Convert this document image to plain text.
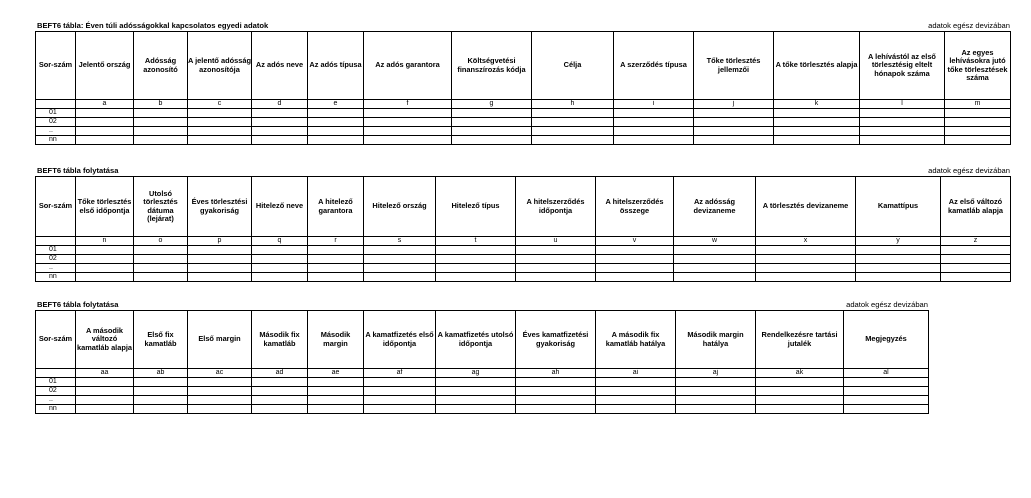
BEFT6 tábla: Éven túli adósságokkal kapcsolatos egyedi adatok	adatok egész devizában
Sor-szám	Jelentő ország	Adósság azonosító	A jelentő adósság azonosítója	Az adós neve	Az adós típusa	Az adós garantora	Költségvetési finanszírozás kódja	Célja	A szerződés típusa	Tőke törlesztés jellemzői	A tőke törlesztés alapja	A lehívástól az első törlesztésig eltelt hónapok száma	Az egyes lehívásokra jutó tőke törlesztések száma
	a	b	c	d	e	f	g	h	i	j	k	l	m
01													
02													
..													
nn													
BEFT6 tábla folytatása	adatok egész devizában
Sor-szám	Tőke törlesztés első időpontja	Utolsó törlesztés dátuma (lejárat)	Éves törlesztési gyakoriság	Hitelező neve	A hitelező garantora	Hitelező ország	Hitelező típus	A hitelszerződés időpontja	A hitelszerződés összege	Az adósság devizaneme	A törlesztés devizaneme	Kamattípus	Az első változó kamatláb alapja
	n	o	p	q	r	s	t	u	v	w	x	y	z
01													
02													
..													
nn													
BEFT6 tábla folytatása	adatok egész devizában
Sor-szám	A második változó kamatláb alapja	Első fix kamatláb	Első margin	Második fix kamatláb	Második margin	A kamatfizetés első időpontja	A kamatfizetés utolsó időpontja	Éves kamatfizetési gyakoriság	A második fix kamatláb hatálya	Második margin hatálya	Rendelkezésre tartási jutalék	Megjegyzés
	aa	ab	ac	ad	ae	af	ag	ah	ai	aj	ak	al
01												
02												
..												
nn												
